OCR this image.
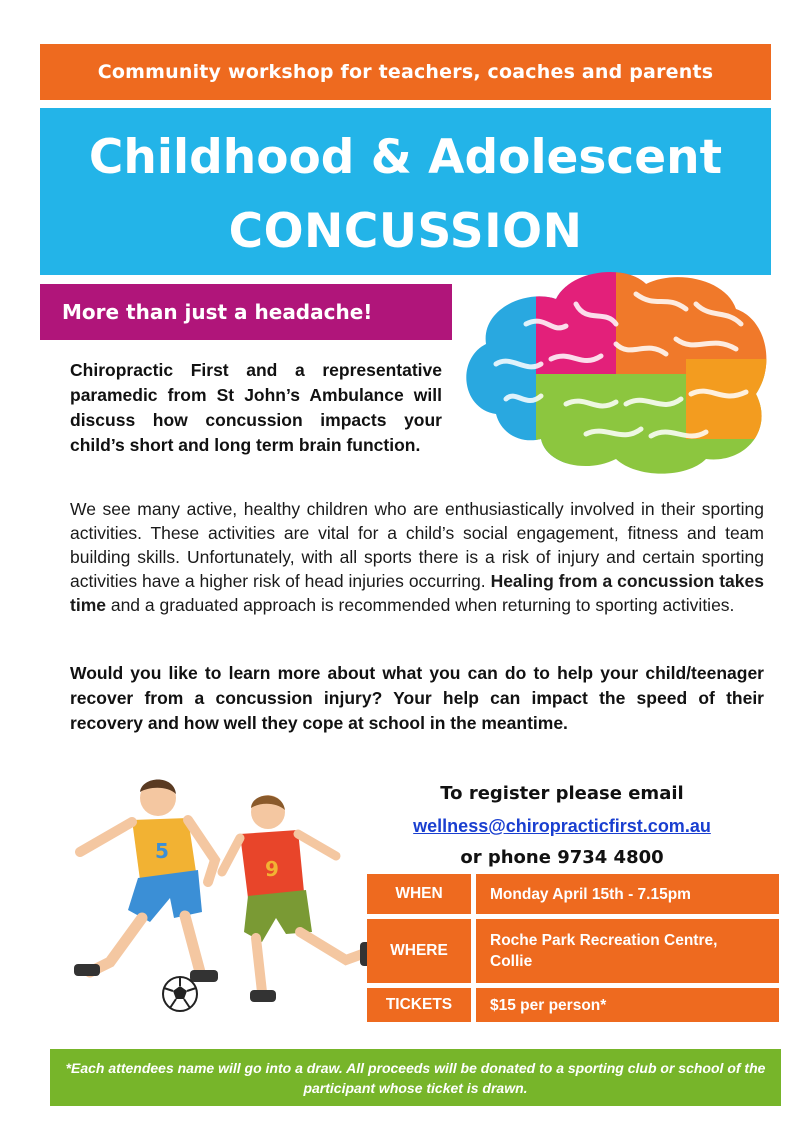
Community workshop for teachers, coaches and parents
Childhood & Adolescent
CONCUSSION
More than just a headache!
Chiropractic First and a representative paramedic from St John’s Ambulance will discuss how concussion impacts your child’s short and long term brain function.
We see many active, healthy children who are enthusiastically involved in their sporting activities. These activities are vital for a child’s social engagement, fitness and team building skills. Unfortunately, with all sports there is a risk of injury and certain sporting activities have a higher risk of head injuries occurring. Healing from a concussion takes time and a graduated approach is recommended when returning to sporting activities.
Would you like to learn more about what you can do to help your child/teenager recover from a concussion injury? Your help can impact the speed of their recovery and how well they cope at school in the meantime.
5
9
To register please email
wellness@chiropracticfirst.com.au
or phone 9734 4800
WHEN	Monday April 15th - 7.15pm
WHERE
Roche Park Recreation Centre,
Collie
TICKETS	$15 per person*
*Each attendees name will go into a draw. All proceeds will be donated to a sporting club or school of the participant whose ticket is drawn.
